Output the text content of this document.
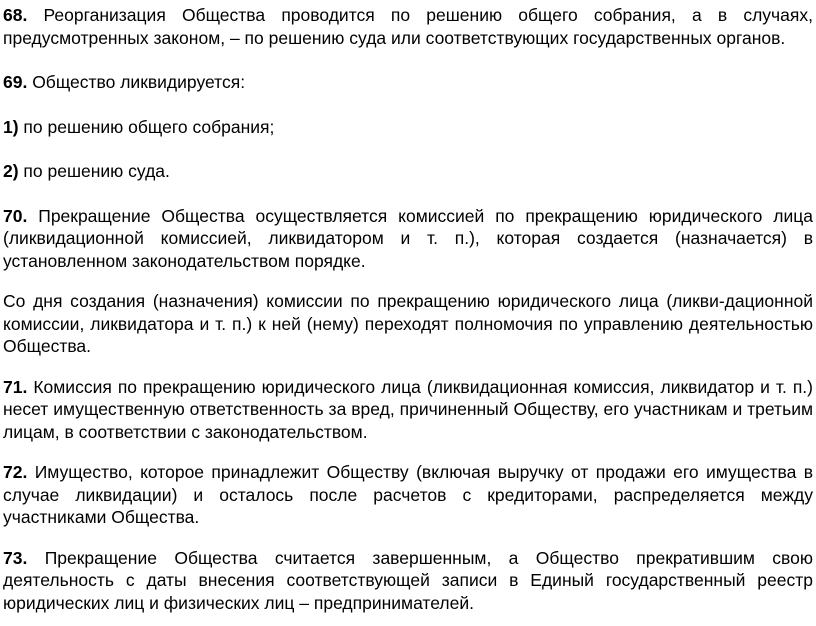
68. Реорганизация Общества проводится по решению общего собрания, а в случаях, предусмотренных законом, – по решению суда или соответствующих государственных органов.

69. Общество ликвидируется:

1) по решению общего собрания;

2) по решению суда.

70. Прекращение Общества осуществляется комиссией по прекращению юридического лица (ликвидационной комиссией, ликвидатором и т. п.), которая создается (назначается) в установленном законодательством порядке.

Со дня создания (назначения) комиссии по прекращению юридического лица (ликви-дационной комиссии, ликвидатора и т. п.) к ней (нему) переходят полномочия по управлению деятельностью Общества.

71. Комиссия по прекращению юридического лица (ликвидационная комиссия, ликвидатор и т. п.) несет имущественную ответственность за вред, причиненный Обществу, его участникам и третьим лицам, в соответствии с законодательством.

72. Имущество, которое принадлежит Обществу (включая выручку от продажи его имущества в случае ликвидации) и осталось после расчетов с кредиторами, распределяется между участниками Общества.

73. Прекращение Общества считается завершенным, а Общество прекратившим свою деятельность с даты внесения соответствующей записи в Единый государственный реестр юридических лиц и физических лиц – предпринимателей.
